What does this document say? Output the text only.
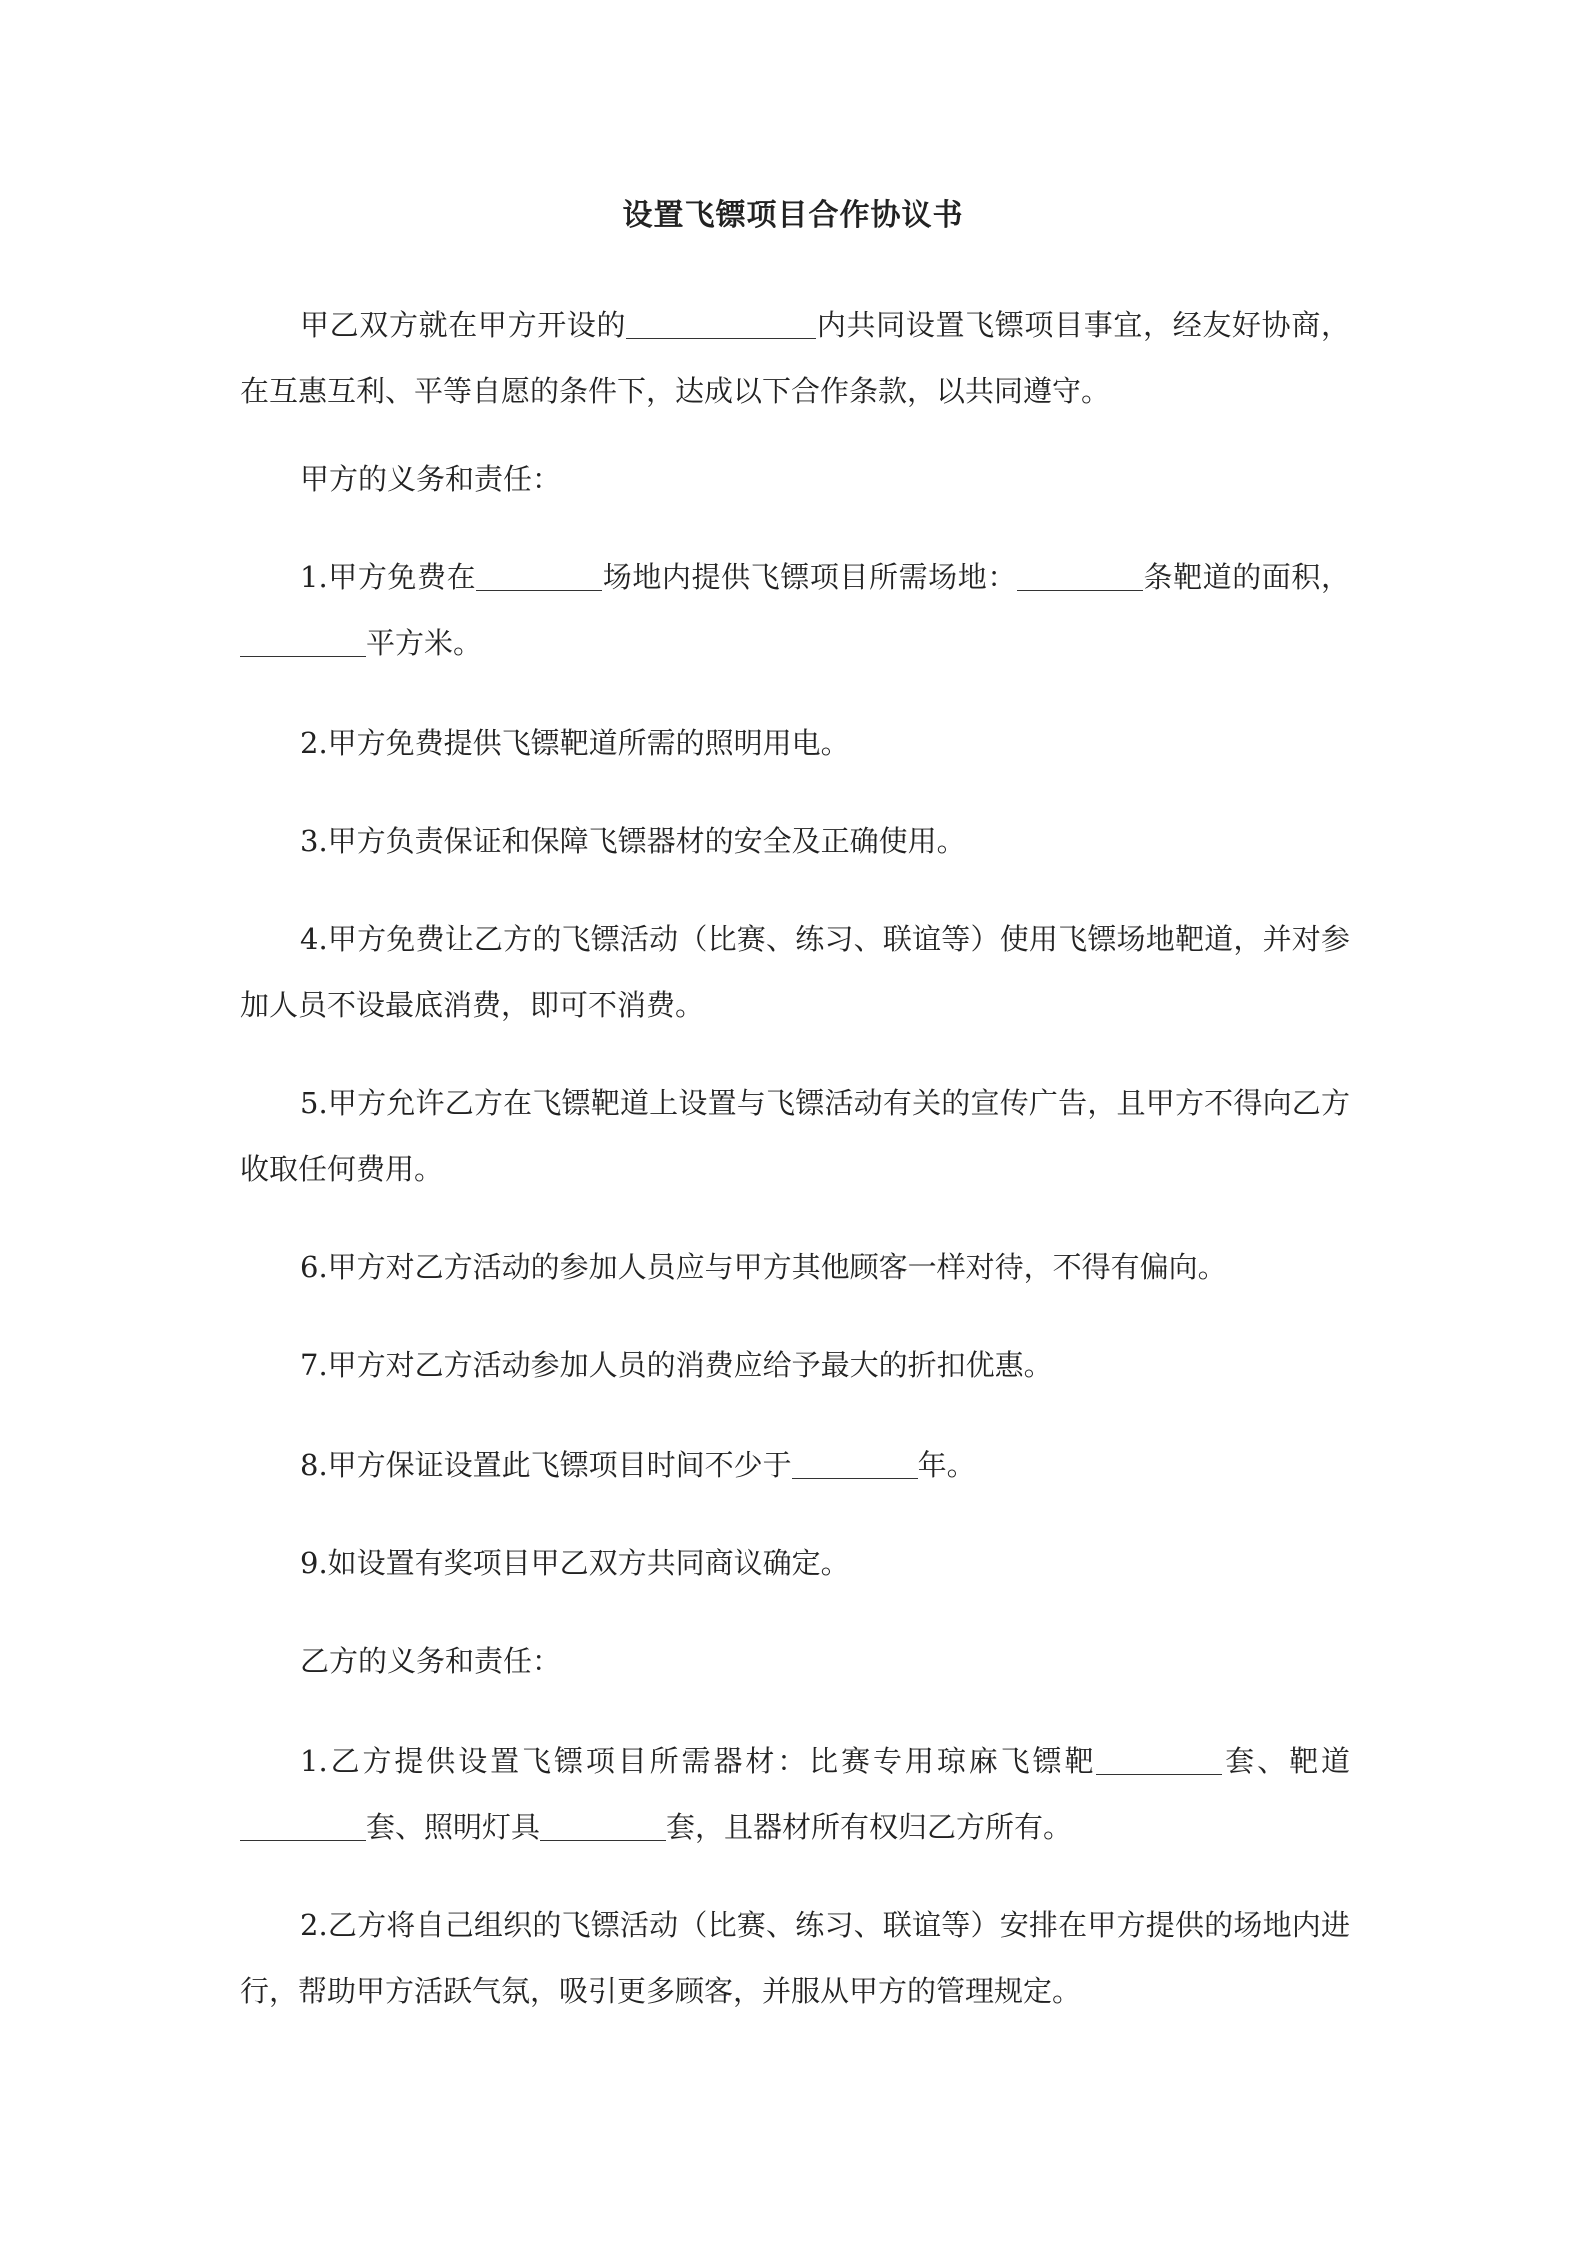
设置飞镖项目合作协议书

甲乙双方就在甲方开设的	内共同设置飞镖项目事宜，经友好协商，在互惠互利、平等自愿的条件下，达成以下合作条款，以共同遵守。

甲方的义务和责任：

1.甲方免费在	场地内提供飞镖项目所需场地：	条靶道的面积，平方米。

2.甲方免费提供飞镖靶道所需的照明用电。

3.甲方负责保证和保障飞镖器材的安全及正确使用。

4.甲方免费让乙方的飞镖活动（比赛、练习、联谊等）使用飞镖场地靶道，并对参加人员不设最底消费，即可不消费。

5.甲方允许乙方在飞镖靶道上设置与飞镖活动有关的宣传广告，且甲方不得向乙方收取任何费用。

6.甲方对乙方活动的参加人员应与甲方其他顾客一样对待，不得有偏向。

7.甲方对乙方活动参加人员的消费应给予最大的折扣优惠。

8.甲方保证设置此飞镖项目时间不少于	年。

9.如设置有奖项目甲乙双方共同商议确定。

乙方的义务和责任：

1.乙方提供设置飞镖项目所需器材：比赛专用琼麻飞镖靶	套、靶道套、照明灯具	套，且器材所有权归乙方所有。

2.乙方将自己组织的飞镖活动（比赛、练习、联谊等）安排在甲方提供的场地内进行，帮助甲方活跃气氛，吸引更多顾客，并服从甲方的管理规定。
